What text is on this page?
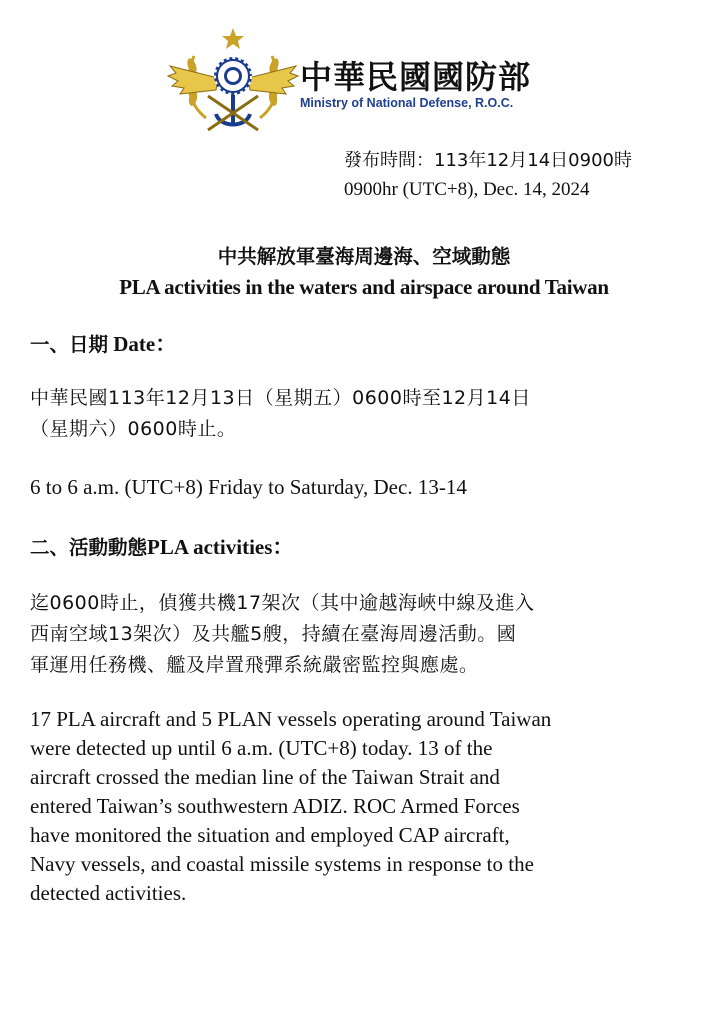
中華民國國防部
Ministry of National Defense, R.O.C.
發布時間：113年12月14日0900時
0900hr (UTC+8), Dec. 14, 2024
中共解放軍臺海周邊海、空域動態
PLA activities in the waters and airspace around Taiwan
一、日期 Date：
中華民國113年12月13日（星期五）0600時至12月14日
（星期六）0600時止。
6 to 6 a.m. (UTC+8) Friday to Saturday, Dec. 13-14
二、活動動態PLA activities：
迄0600時止，偵獲共機17架次（其中逾越海峽中線及進入
西南空域13架次）及共艦5艘，持續在臺海周邊活動。國
軍運用任務機、艦及岸置飛彈系統嚴密監控與應處。
17 PLA aircraft and 5 PLAN vessels operating around Taiwan
were detected up until 6 a.m. (UTC+8) today. 13 of the
aircraft crossed the median line of the Taiwan Strait and
entered Taiwan’s southwestern ADIZ. ROC Armed Forces
have monitored the situation and employed CAP aircraft,
Navy vessels, and coastal missile systems in response to the
detected activities.
